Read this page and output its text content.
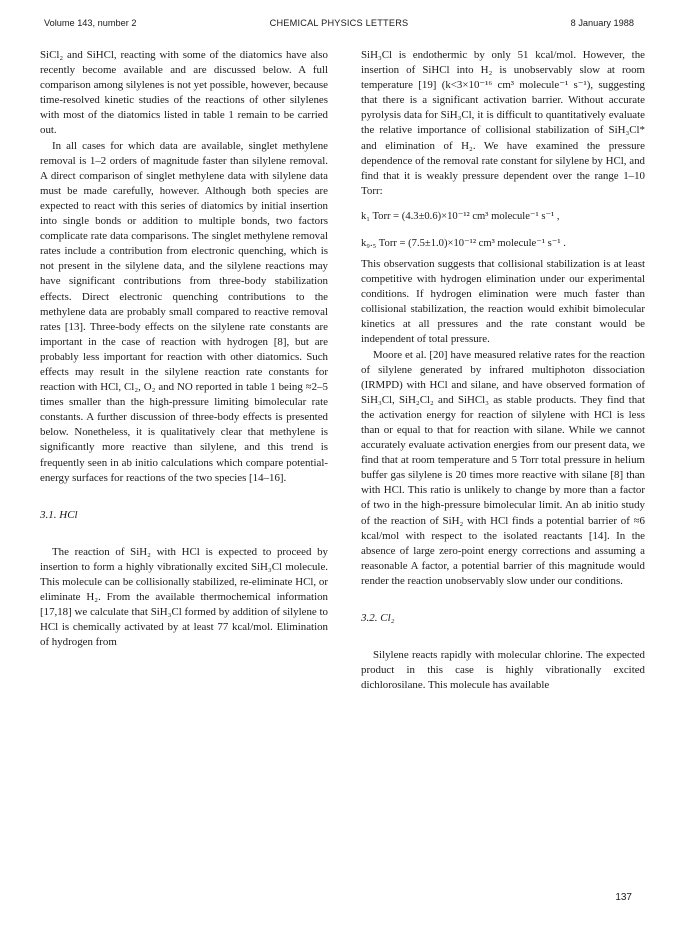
Volume 143, number 2	CHEMICAL PHYSICS LETTERS	8 January 1988

SiCl₂ and SiHCl, reacting with some of the diatomics have also recently become available and are discussed below. A full comparison among silylenes is not yet possible, however, because time-resolved kinetic studies of the reactions of other silylenes with most of the diatomics listed in table 1 remain to be carried out.

In all cases for which data are available, singlet methylene removal is 1–2 orders of magnitude faster than silylene removal. A direct comparison of singlet methylene data with silylene data must be made carefully, however. Although both species are expected to react with this series of diatomics by initial insertion into single bonds or addition to multiple bonds, two factors complicate rate data comparisons. The singlet methylene removal rates include a contribution from electronic quenching, which is not present in the silylene data, and the silylene reactions may have significant contributions from three-body stabilization effects. Direct electronic quenching contributions to the methylene data are probably small compared to reactive removal rates [13]. Three-body effects on the silylene rate constants are important in the case of reaction with hydrogen [8], but are probably less important for reaction with other diatomics. Such effects may result in the silylene reaction rate constants for reaction with HCl, Cl₂, O₂ and NO reported in table 1 being ≈2–5 times smaller than the high-pressure limiting bimolecular rate constants. A further discussion of three-body effects is presented below. Nonetheless, it is qualitatively clear that methylene is significantly more reactive than silylene, and this trend is frequently seen in ab initio calculations which compare potential-energy surfaces for reactions of the two species [14–16].

3.1. HCl

The reaction of SiH₂ with HCl is expected to proceed by insertion to form a highly vibrationally excited SiH₃Cl molecule. This molecule can be collisionally stabilized, re-eliminate HCl, or eliminate H₂. From the available thermochemical information [17,18] we calculate that SiH₃Cl formed by addition of silylene to HCl is chemically activated by at least 77 kcal/mol. Elimination of hydrogen from

SiH₃Cl is endothermic by only 51 kcal/mol. However, the insertion of SiHCl into H₂ is unobservably slow at room temperature [19] (k<3×10⁻¹⁶ cm³ molecule⁻¹ s⁻¹), suggesting that there is a significant activation barrier. Without accurate pyrolysis data for SiH₃Cl, it is difficult to quantitatively evaluate the relative importance of collisional stabilization of SiH₃Cl* and elimination of H₂. We have examined the pressure dependence of the removal rate constant for silylene by HCl, and find that it is weakly pressure dependent over the range 1–10 Torr:

k₁ Torr = (4.3±0.6)×10⁻¹² cm³ molecule⁻¹ s⁻¹ ,
k₉.₅ Torr = (7.5±1.0)×10⁻¹² cm³ molecule⁻¹ s⁻¹ .

This observation suggests that collisional stabilization is at least competitive with hydrogen elimination under our experimental conditions. If hydrogen elimination were much faster than collisional stabilization, the reaction would exhibit bimolecular kinetics at all pressures and the rate constant would be independent of total pressure.

Moore et al. [20] have measured relative rates for the reaction of silylene generated by infrared multiphoton dissociation (IRMPD) with HCl and silane, and have observed formation of SiH₃Cl, SiH₂Cl₂ and SiHCl₃ as stable products. They find that the activation energy for reaction of silylene with HCl is less than or equal to that for reaction with silane. While we cannot accurately evaluate activation energies from our present data, we find that at room temperature and 5 Torr total pressure in helium buffer gas silylene is 20 times more reactive with silane [8] than with HCl. This ratio is unlikely to change by more than a factor of two in the high-pressure bimolecular limit. An ab initio study of the reaction of SiH₂ with HCl finds a potential barrier of ≈6 kcal/mol with respect to the isolated reactants [14]. In the absence of large zero-point energy corrections and assuming a reasonable A factor, a potential barrier of this magnitude would render the reaction unobservably slow under our conditions.

3.2. Cl₂

Silylene reacts rapidly with molecular chlorine. The expected product in this case is highly vibrationally excited dichlorosilane. This molecule has available

137
